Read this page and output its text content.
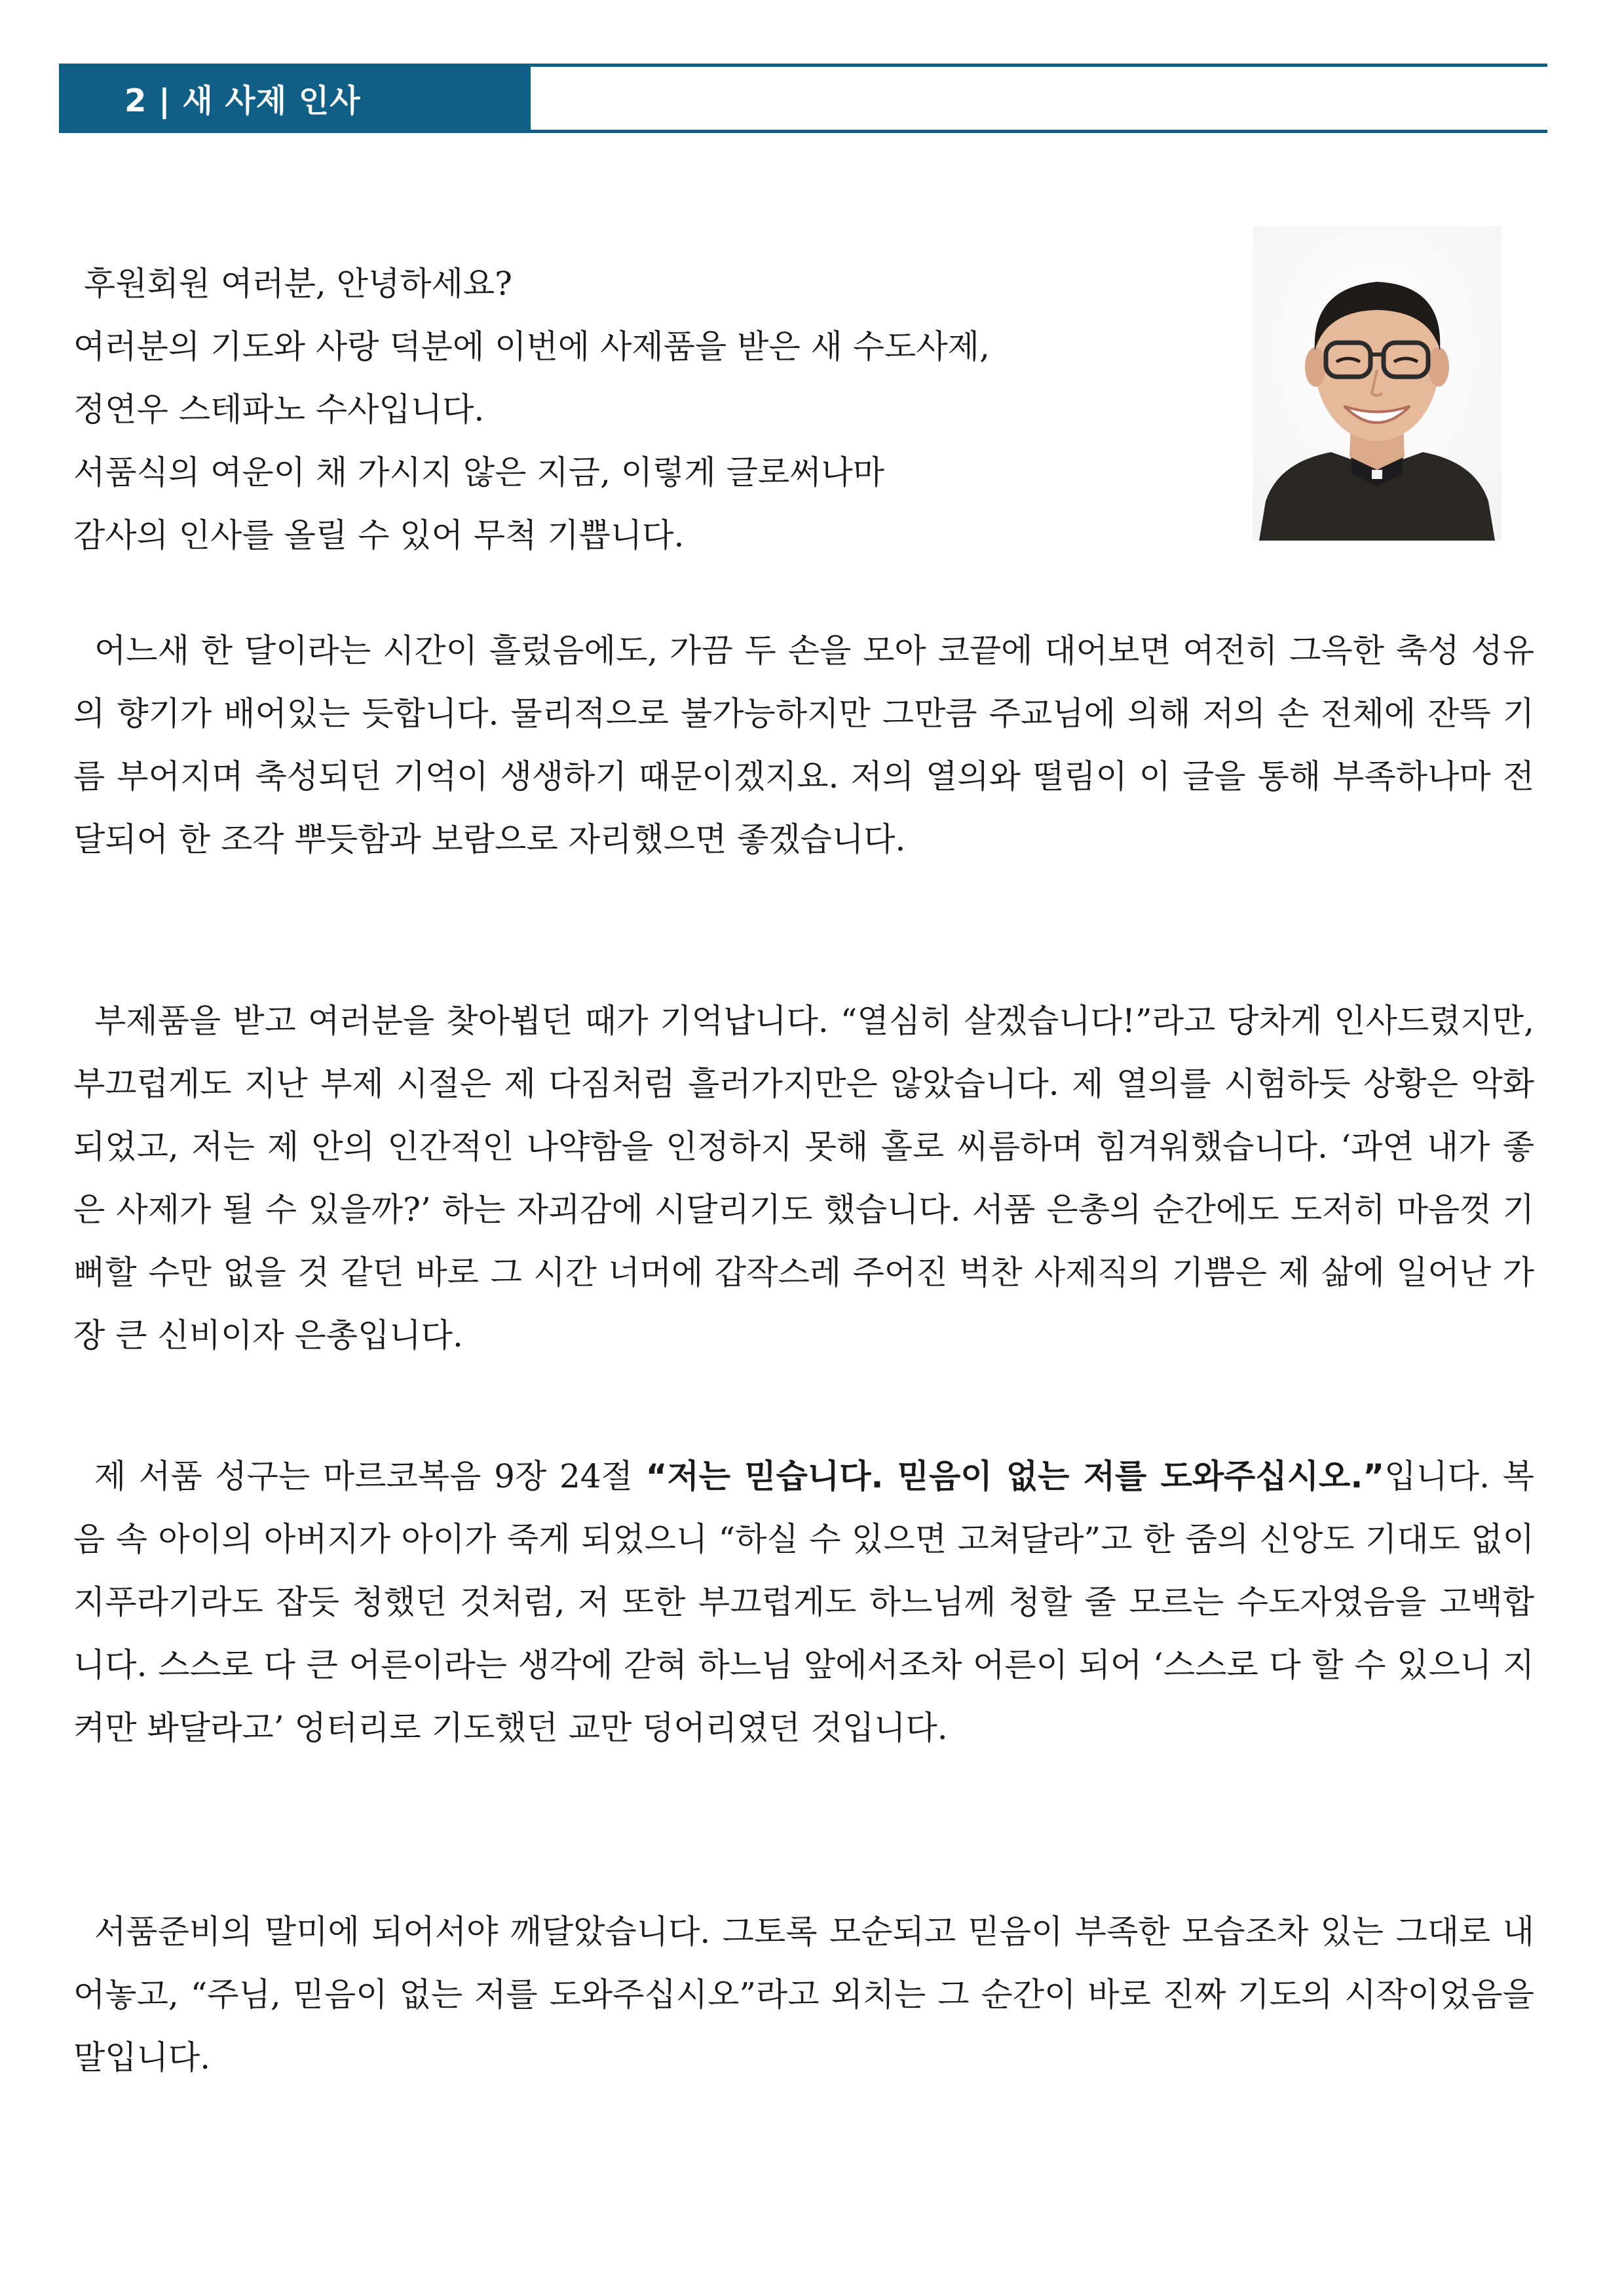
2 | 새 사제 인사

후원회원 여러분, 안녕하세요?

여러분의 기도와 사랑 덕분에 이번에 사제품을 받은 새 수도사제,

정연우 스테파노 수사입니다.

서품식의 여운이 채 가시지 않은 지금, 이렇게 글로써나마

감사의 인사를 올릴 수 있어 무척 기쁩니다.

어느새 한 달이라는 시간이 흘렀음에도, 가끔 두 손을 모아 코끝에 대어보면 여전히 그윽한 축성 성유의 향기가 배어있는 듯합니다. 물리적으로 불가능하지만 그만큼 주교님에 의해 저의 손 전체에 잔뜩 기름 부어지며 축성되던 기억이 생생하기 때문이겠지요. 저의 열의와 떨림이 이 글을 통해 부족하나마 전달되어 한 조각 뿌듯함과 보람으로 자리했으면 좋겠습니다.

부제품을 받고 여러분을 찾아뵙던 때가 기억납니다. “열심히 살겠습니다!”라고 당차게 인사드렸지만, 부끄럽게도 지난 부제 시절은 제 다짐처럼 흘러가지만은 않았습니다. 제 열의를 시험하듯 상황은 악화되었고, 저는 제 안의 인간적인 나약함을 인정하지 못해 홀로 씨름하며 힘겨워했습니다. ‘과연 내가 좋은 사제가 될 수 있을까?’ 하는 자괴감에 시달리기도 했습니다. 서품 은총의 순간에도 도저히 마음껏 기뻐할 수만 없을 것 같던 바로 그 시간 너머에 갑작스레 주어진 벅찬 사제직의 기쁨은 제 삶에 일어난 가장 큰 신비이자 은총입니다.

제 서품 성구는 마르코복음 9장 24절 “저는 믿습니다. 믿음이 없는 저를 도와주십시오.”입니다. 복음 속 아이의 아버지가 아이가 죽게 되었으니 “하실 수 있으면 고쳐달라”고 한 줌의 신앙도 기대도 없이 지푸라기라도 잡듯 청했던 것처럼, 저 또한 부끄럽게도 하느님께 청할 줄 모르는 수도자였음을 고백합니다. 스스로 다 큰 어른이라는 생각에 갇혀 하느님 앞에서조차 어른이 되어 ‘스스로 다 할 수 있으니 지켜만 봐달라고’ 엉터리로 기도했던 교만 덩어리였던 것입니다.

서품준비의 말미에 되어서야 깨달았습니다. 그토록 모순되고 믿음이 부족한 모습조차 있는 그대로 내어놓고, “주님, 믿음이 없는 저를 도와주십시오”라고 외치는 그 순간이 바로 진짜 기도의 시작이었음을 말입니다.
